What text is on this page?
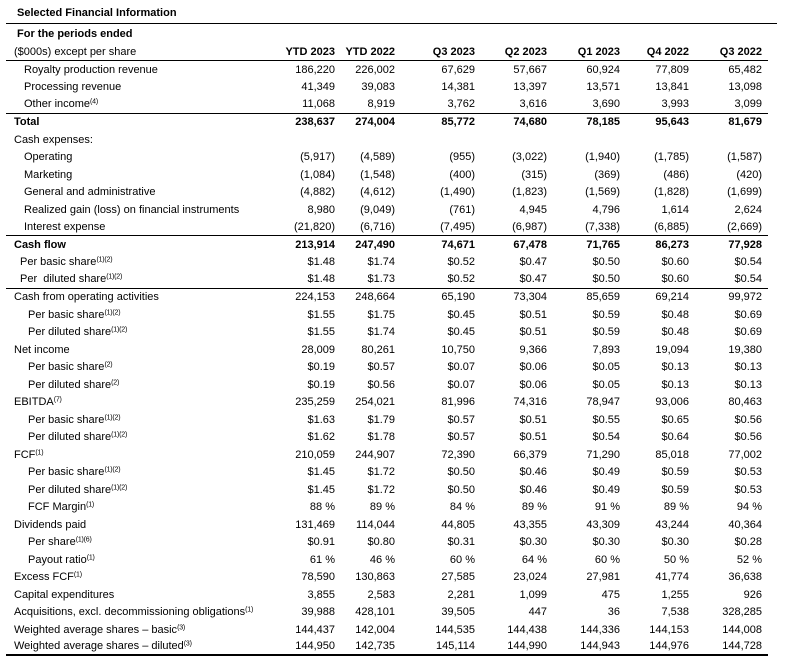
Selected Financial Information
For the periods ended
($000s) except per share	YTD 2023 YTD 2022	Q3 2023	Q2 2023	Q1 2023	Q4 2022	Q3 2022
Royalty production revenue	186,220	226,002	67,629	57,667	60,924	77,809	65,482
Processing revenue	41,349	39,083	14,381	13,397	13,571	13,841	13,098
Other income$^{(4)}$	11,068	8,919	3,762	3,616	3,690	3,993	3,099
Total	238,637	274,004	85,772	74,680	78,185	95,643	81,679
Cash expenses:
Operating	(5,917)	(4,589)	(955)	(3,022)	(1,940)	(1,785)	(1,587)
Marketing	(1,084)	(1,548)	(400)	(315)	(369)	(486)	(420)
General and administrative	(4,882)	(4,612)	(1,490)	(1,823)	(1,569)	(1,828)	(1,699)
Realized gain (loss) on financial instruments	8,980	(9,049)	(761)	4,945	4,796	1,614	2,624
Interest expense	(21,820)	(6,716)	(7,495)	(6,987)	(7,338)	(6,885)	(2,669)
Cash flow	213,914	247,490	74,671	67,478	71,765	86,273	77,928
Per basic share$^{(1)(2)}$	$1.48	$1.74	$0.52	$0.47	$0.50	$0.60	$0.54
Per  diluted share$^{(1)(2)}$	$1.48	$1.73	$0.52	$0.47	$0.50	$0.60	$0.54
Cash from operating activities	224,153	248,664	65,190	73,304	85,659	69,214	99,972
Per basic share$^{(1)(2)}$	$1.55	$1.75	$0.45	$0.51	$0.59	$0.48	$0.69
Per diluted share$^{(1)(2)}$	$1.55	$1.74	$0.45	$0.51	$0.59	$0.48	$0.69
Net income	28,009	80,261	10,750	9,366	7,893	19,094	19,380
Per basic share$^{(2)}$	$0.19	$0.57	$0.07	$0.06	$0.05	$0.13	$0.13
Per diluted share$^{(2)}$	$0.19	$0.56	$0.07	$0.06	$0.05	$0.13	$0.13
EBITDA$^{(7)}$	235,259	254,021	81,996	74,316	78,947	93,006	80,463
Per basic share$^{(1)(2)}$	$1.63	$1.79	$0.57	$0.51	$0.55	$0.65	$0.56
Per diluted share$^{(1)(2)}$	$1.62	$1.78	$0.57	$0.51	$0.54	$0.64	$0.56
FCF$^{(1)}$	210,059	244,907	72,390	66,379	71,290	85,018	77,002
Per basic share$^{(1)(2)}$	$1.45	$1.72	$0.50	$0.46	$0.49	$0.59	$0.53
Per diluted share$^{(1)(2)}$	$1.45	$1.72	$0.50	$0.46	$0.49	$0.59	$0.53
FCF Margin$^{(1)}$	88 %	89 %	84 %	89 %	91 %	89 %	94 %
Dividends paid	131,469	114,044	44,805	43,355	43,309	43,244	40,364
Per share$^{(1)(6)}$	$0.91	$0.80	$0.31	$0.30	$0.30	$0.30	$0.28
Payout ratio$^{(1)}$	61 %	46 %	60 %	64 %	60 %	50 %	52 %
Excess FCF$^{(1)}$	78,590	130,863	27,585	23,024	27,981	41,774	36,638
Capital expenditures	3,855	2,583	2,281	1,099	475	1,255	926
Acquisitions, excl. decommissioning obligations$^{(1)}$	39,988	428,101	39,505	447	36	7,538	328,285
Weighted average shares – basic$^{(3)}$	144,437	142,004	144,535	144,438	144,336	144,153	144,008
Weighted average shares – diluted$^{(3)}$	144,950	142,735	145,114	144,990	144,943	144,976	144,728
